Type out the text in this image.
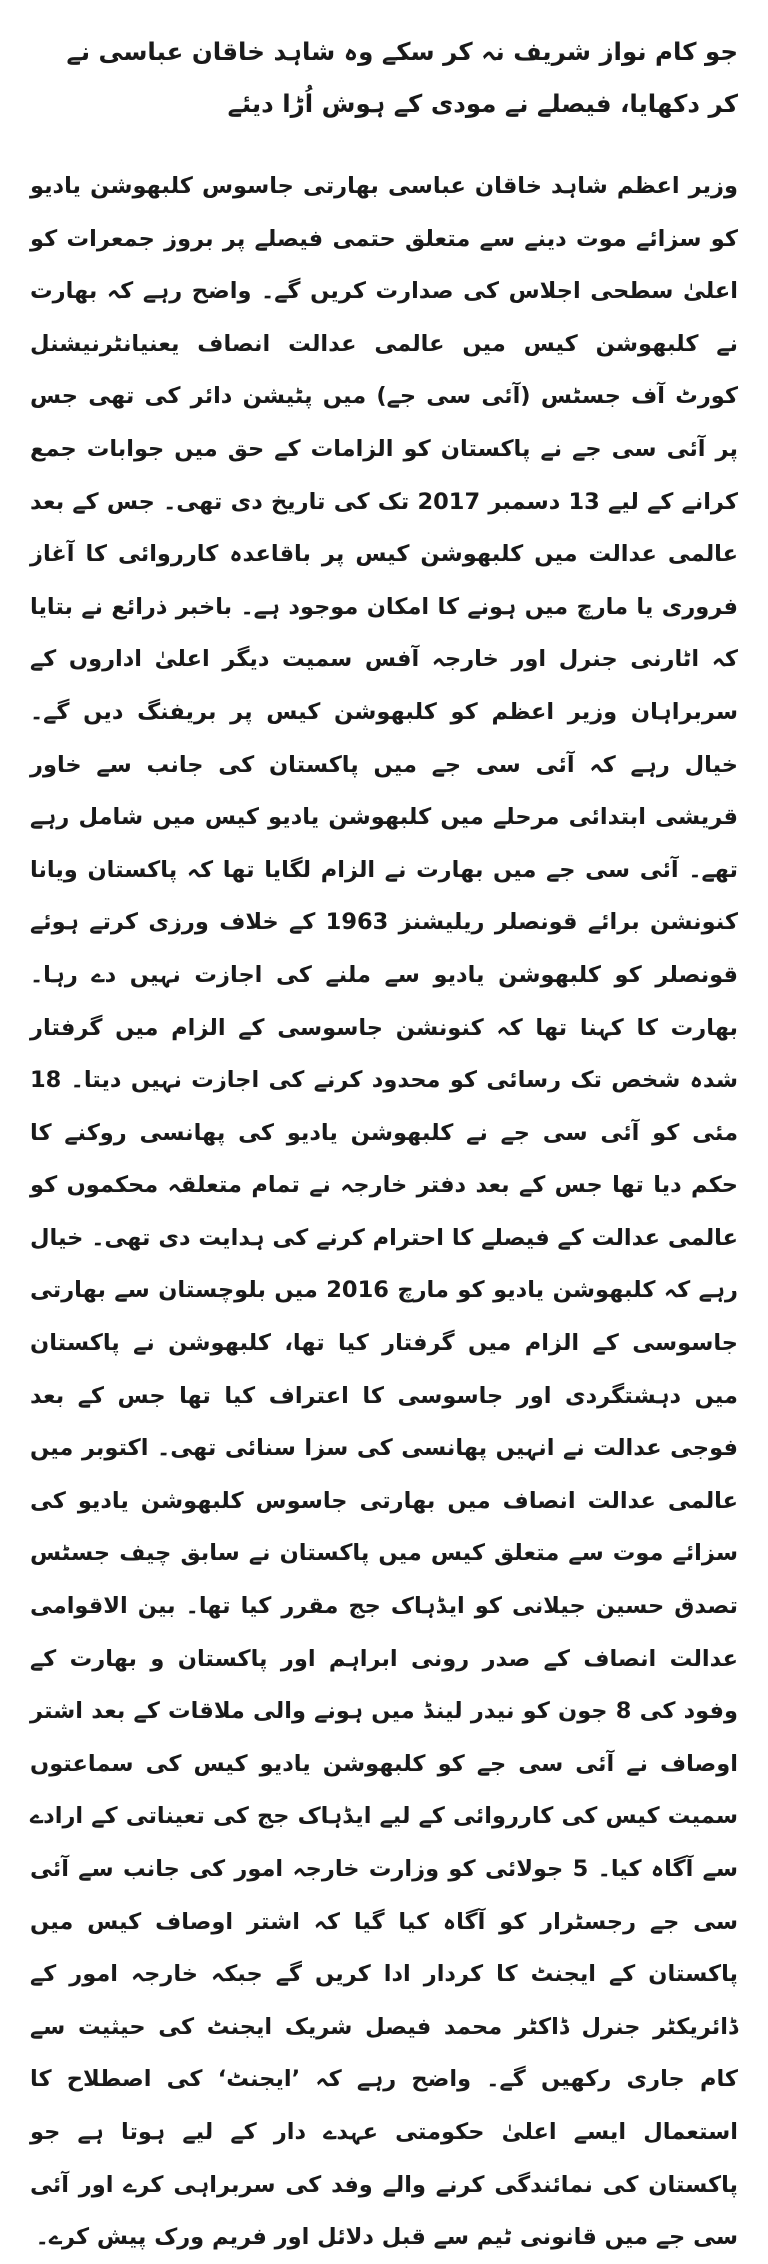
جو کام نواز شریف نہ کر سکے وہ شاہد خاقان عباسی نے کر دکھایا، فیصلے نے مودی کے ہوش اُڑا دیئے

وزیر اعظم شاہد خاقان عباسی بھارتی جاسوس کلبھوشن یادیو کو سزائے موت دینے سے متعلق حتمی فیصلے پر بروز جمعرات کو اعلیٰ سطحی اجلاس کی صدارت کریں گے۔ واضح رہے کہ بھارت نے کلبھوشن کیس میں عالمی عدالت انصاف یعنیانٹرنیشنل کورٹ آف جسٹس (آئی سی جے) میں پٹیشن دائر کی تھی جس پر آئی سی جے نے پاکستان کو الزامات کے حق میں جوابات جمع کرانے کے لیے 13 دسمبر 2017 تک کی تاریخ دی تھی۔ جس کے بعد عالمی عدالت میں کلبھوشن کیس پر باقاعدہ کارروائی کا آغاز فروری یا مارچ میں ہونے کا امکان موجود ہے۔ باخبر ذرائع نے بتایا کہ اٹارنی جنرل اور خارجہ آفس سمیت دیگر اعلیٰ اداروں کے سربراہان وزیر اعظم کو کلبھوشن کیس پر بریفنگ دیں گے۔ خیال رہے کہ آئی سی جے میں پاکستان کی جانب سے خاور قریشی ابتدائی مرحلے میں کلبھوشن یادیو کیس میں شامل رہے تھے۔ آئی سی جے میں بھارت نے الزام لگایا تھا کہ پاکستان ویانا کنونشن برائے قونصلر ریلیشنز 1963 کے خلاف ورزی کرتے ہوئے قونصلر کو کلبھوشن یادیو سے ملنے کی اجازت نہیں دے رہا۔ بھارت کا کہنا تھا کہ کنونشن جاسوسی کے الزام میں گرفتار شدہ شخص تک رسائی کو محدود کرنے کی اجازت نہیں دیتا۔ 18 مئی کو آئی سی جے نے کلبھوشن یادیو کی پھانسی روکنے کا حکم دیا تھا جس کے بعد دفتر خارجہ نے تمام متعلقہ محکموں کو عالمی عدالت کے فیصلے کا احترام کرنے کی ہدایت دی تھی۔ خیال رہے کہ کلبھوشن یادیو کو مارچ 2016 میں بلوچستان سے بھارتی جاسوسی کے الزام میں گرفتار کیا تھا، کلبھوشن نے پاکستان میں دہشتگردی اور جاسوسی کا اعتراف کیا تھا جس کے بعد فوجی عدالت نے انہیں پھانسی کی سزا سنائی تھی۔ اکتوبر میں عالمی عدالت انصاف میں بھارتی جاسوس کلبھوشن یادیو کی سزائے موت سے متعلق کیس میں پاکستان نے سابق چیف جسٹس تصدق حسین جیلانی کو ایڈہاک جج مقرر کیا تھا۔ بین الاقوامی عدالت انصاف کے صدر رونی ابراہم اور پاکستان و بھارت کے وفود کی 8 جون کو نیدر لینڈ میں ہونے والی ملاقات کے بعد اشتر اوصاف نے آئی سی جے کو کلبھوشن یادیو کیس کی سماعتوں سمیت کیس کی کارروائی کے لیے ایڈہاک جج کی تعیناتی کے ارادے سے آگاہ کیا۔ 5 جولائی کو وزارت خارجہ امور کی جانب سے آئی سی جے رجسٹرار کو آگاہ کیا گیا کہ اشتر اوصاف کیس میں پاکستان کے ایجنٹ کا کردار ادا کریں گے جبکہ خارجہ امور کے ڈائریکٹر جنرل ڈاکٹر محمد فیصل شریک ایجنٹ کی حیثیت سے کام جاری رکھیں گے۔ واضح رہے کہ ’ایجنٹ‘ کی اصطلاح کا استعمال ایسے اعلیٰ حکومتی عہدے دار کے لیے ہوتا ہے جو پاکستان کی نمائندگی کرنے والے وفد کی سربراہی کرے اور آئی سی جے میں قانونی ٹیم سے قبل دلائل اور فریم ورک پیش کرے۔
